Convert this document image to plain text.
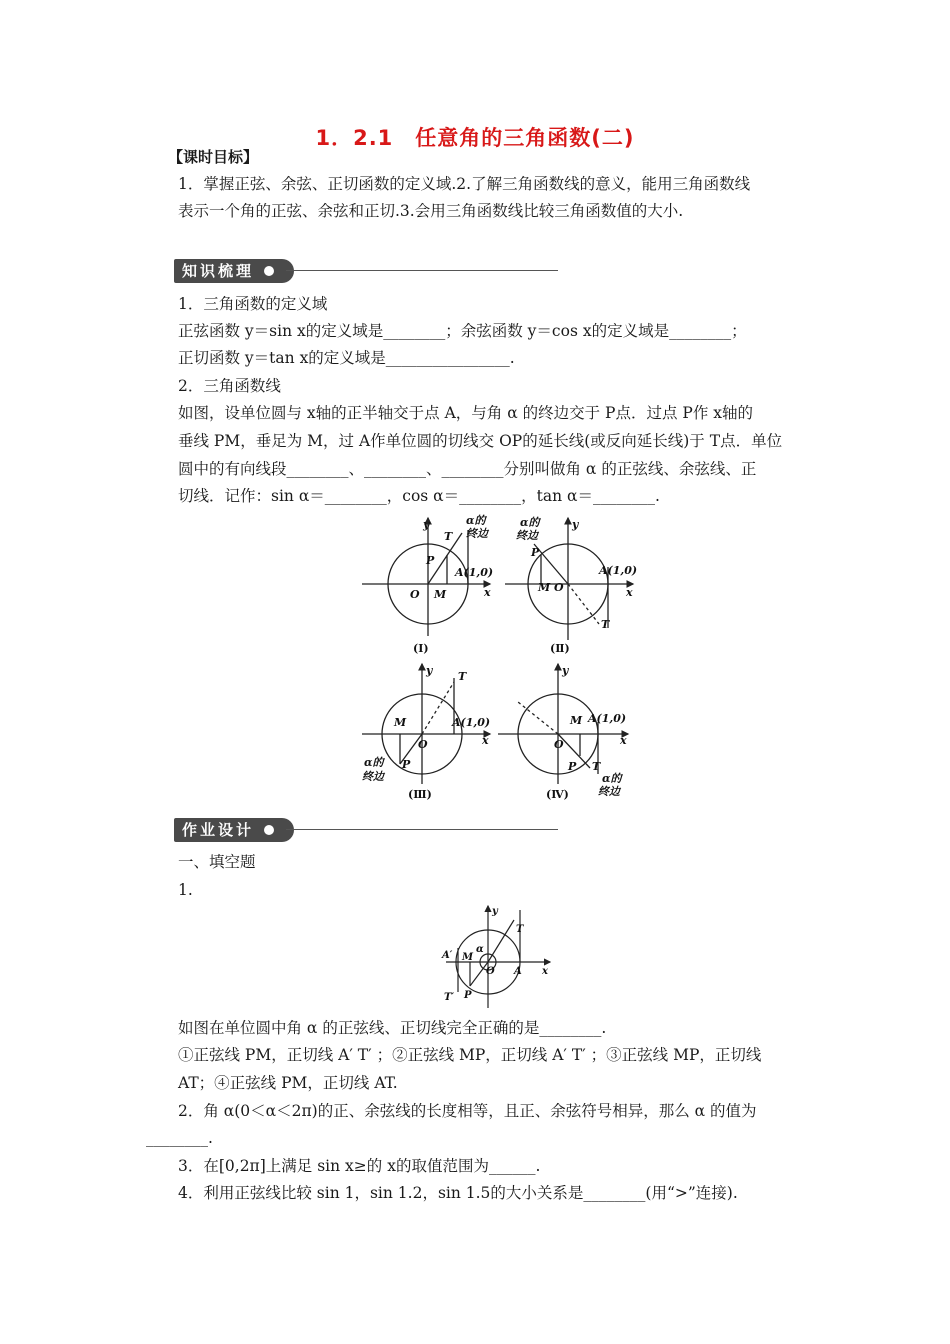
1．2.1　任意角的三角函数(二)
【课时目标】
1．掌握正弦、余弦、正切函数的定义域.2.了解三角函数线的意义，能用三角函数线
表示一个角的正弦、余弦和正切.3.会用三角函数线比较三角函数值的大小.
知识梳理
1．三角函数的定义域
正弦函数 y＝sin x的定义域是________；余弦函数 y＝cos x的定义域是________；
正切函数 y＝tan x的定义域是________________.
2．三角函数线
如图，设单位圆与 x轴的正半轴交于点 A，与角 α 的终边交于 P点．过点 P作 x轴的
垂线 PM，垂足为 M，过 A作单位圆的切线交 OP的延长线(或反向延长线)于 T点．单位
圆中的有向线段________、________、________分别叫做角 α 的正弦线、余弦线、正
切线．记作：sin α＝________，cos α＝________，tan α＝________.
O M
P
T
A(1,0)
x
y	α的
终边
O
M
P
T
A(1,0)
x
y
α的
终边
O
M
P
T
A(1,0)
x
y
α的
终边
O
M
P T
A(1,0)
x
y
α的
终边
(Ⅰ)	(Ⅱ)
(Ⅲ)	(Ⅳ)
作业设计
一、填空题
1.
A′ M
O A
T
T′ P
α
x
y
如图在单位圆中角 α 的正弦线、正切线完全正确的是________.
①正弦线 PM，正切线 A′ T′ ；②正弦线 MP，正切线 A′ T′ ；③正弦线 MP，正切线
AT；④正弦线 PM，正切线 AT.
2．角 α(0＜α＜2π)的正、余弦线的长度相等，且正、余弦符号相异，那么 α 的值为
________.
3．在[0,2π]上满足 sin x≥的 x的取值范围为______.
4．利用正弦线比较 sin 1，sin 1.2，sin 1.5的大小关系是________(用“>”连接).
